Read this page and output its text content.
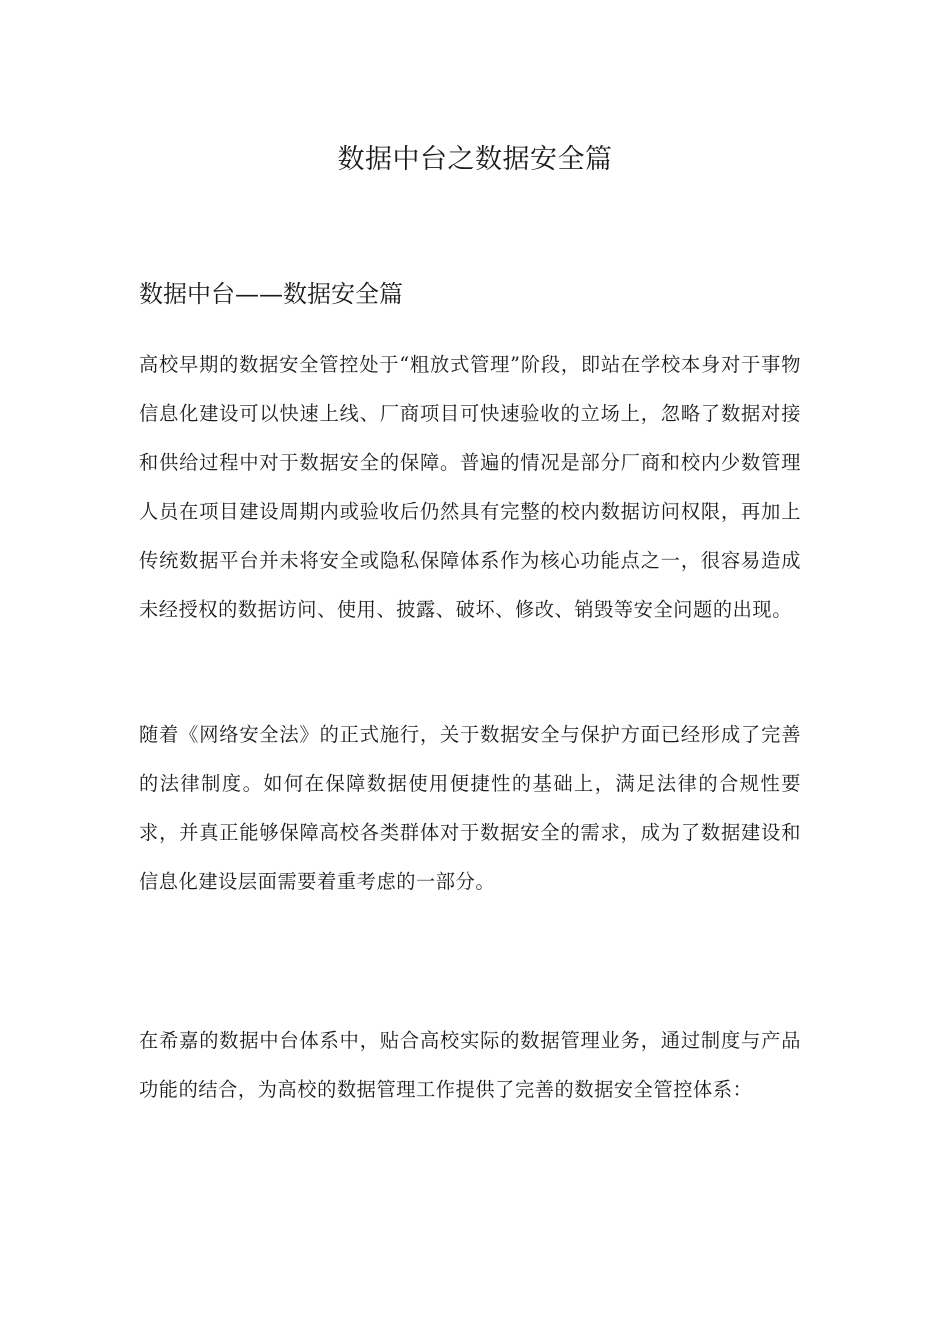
数据中台之数据安全篇
数据中台——数据安全篇

高校早期的数据安全管控处于“粗放式管理”阶段，即站在学校本身对于事物信息化建设可以快速上线、厂商项目可快速验收的立场上，忽略了数据对接和供给过程中对于数据安全的保障。普遍的情况是部分厂商和校内少数管理人员在项目建设周期内或验收后仍然具有完整的校内数据访问权限，再加上传统数据平台并未将安全或隐私保障体系作为核心功能点之一，很容易造成未经授权的数据访问、使用、披露、破坏、修改、销毁等安全问题的出现。

随着《网络安全法》的正式施行，关于数据安全与保护方面已经形成了完善的法律制度。如何在保障数据使用便捷性的基础上，满足法律的合规性要求，并真正能够保障高校各类群体对于数据安全的需求，成为了数据建设和信息化建设层面需要着重考虑的一部分。

在希嘉的数据中台体系中，贴合高校实际的数据管理业务，通过制度与产品功能的结合，为高校的数据管理工作提供了完善的数据安全管控体系：
